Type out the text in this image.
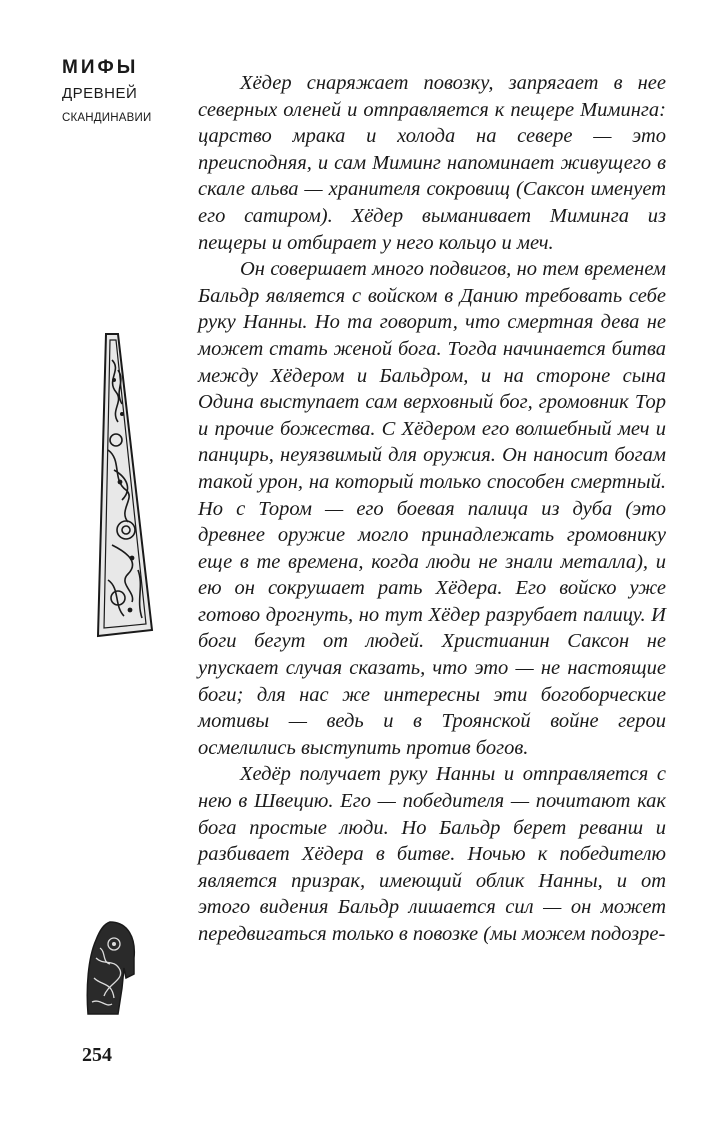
МИФЫ
ДРЕВНЕЙ
СКАНДИНАВИИ

Хёдер снаряжает повозку, запрягает в нее северных оленей и отправляется к пещере Миминга: царство мрака и холода на севере — это преисподняя, и сам Миминг напоминает живущего в скале альва — хранителя сокровищ (Саксон именует его сатиром). Хёдер выманивает Миминга из пещеры и отбирает у него кольцо и меч.

Он совершает много подвигов, но тем временем Бальдр является с войском в Данию требовать себе руку Нанны. Но та говорит, что смертная дева не может стать женой бога. Тогда начинается битва между Хёдером и Бальдром, и на стороне сына Одина выступает сам верховный бог, громовник Тор и прочие божества. С Хёдером его волшебный меч и панцирь, неуязвимый для оружия. Он наносит богам такой урон, на который только способен смертный. Но с Тором — его боевая палица из дуба (это древнее оружие могло принадлежать громовнику еще в те времена, когда люди не знали металла), и ею он сокрушает рать Хёдера. Его войско уже готово дрогнуть, но тут Хёдер разрубает палицу. И боги бегут от людей. Христианин Саксон не упускает случая сказать, что это — не настоящие боги; для нас же интересны эти богоборческие мотивы — ведь и в Троянской войне герои осмелились выступить против богов.

Хедёр получает руку Нанны и отправляется с нею в Швецию. Его — победителя — почитают как бога простые люди. Но Бальдр берет реванш и разбивает Хёдера в битве. Ночью к победителю является призрак, имеющий облик Нанны, и от этого видения Бальдр лишается сил — он может передвигаться только в повозке (мы можем подозре-

254
